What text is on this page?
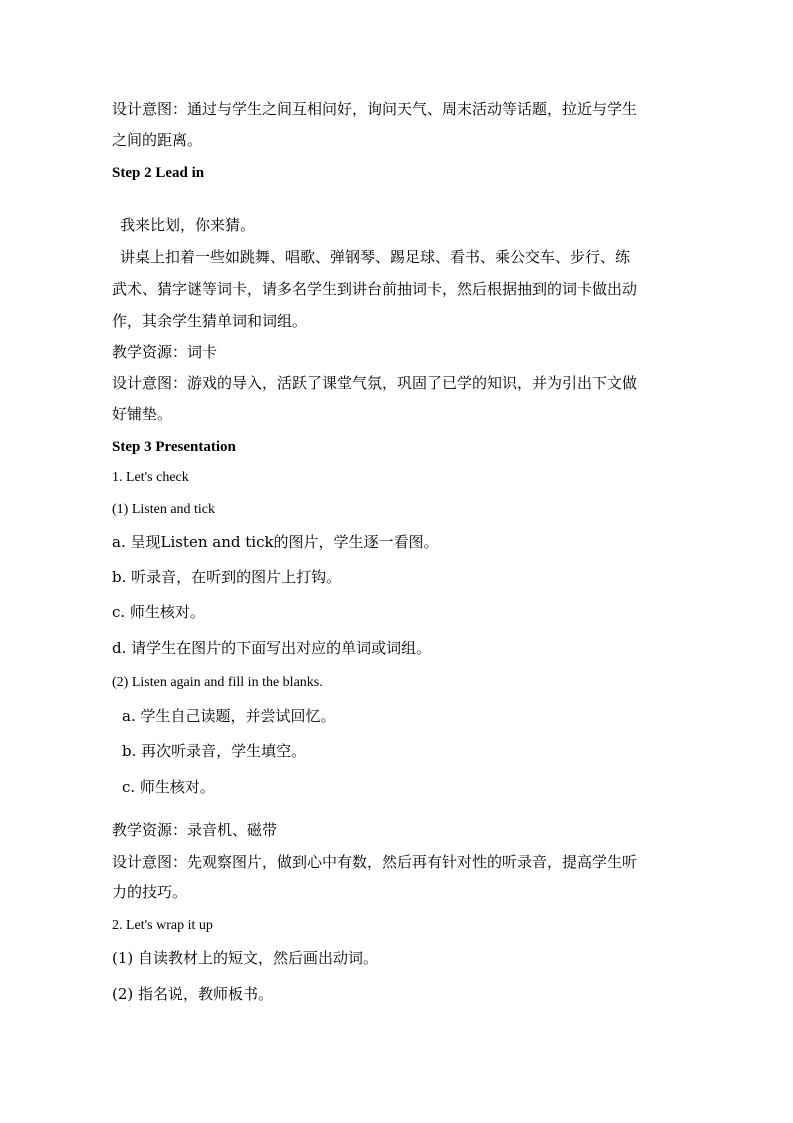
设计意图：通过与学生之间互相问好，询问天气、周末活动等话题，拉近与学生
之间的距离。
Step 2 Lead in
我来比划，你来猜。
讲桌上扣着一些如跳舞、唱歌、弹钢琴、踢足球、看书、乘公交车、步行、练
武术、猜字谜等词卡，请多名学生到讲台前抽词卡，然后根据抽到的词卡做出动
作，其余学生猜单词和词组。
教学资源：词卡
设计意图：游戏的导入，活跃了课堂气氛，巩固了已学的知识，并为引出下文做
好铺垫。
Step 3 Presentation
1. Let's check
(1) Listen and tick
a. 呈现Listen and tick的图片，学生逐一看图。
b. 听录音，在听到的图片上打钩。
c. 师生核对。
d. 请学生在图片的下面写出对应的单词或词组。
(2) Listen again and fill in the blanks.
a. 学生自己读题，并尝试回忆。
b. 再次听录音，学生填空。
c. 师生核对。
教学资源：录音机、磁带
设计意图：先观察图片，做到心中有数，然后再有针对性的听录音，提高学生听
力的技巧。
2. Let's wrap it up
(1) 自读教材上的短文，然后画出动词。
(2) 指名说，教师板书。
